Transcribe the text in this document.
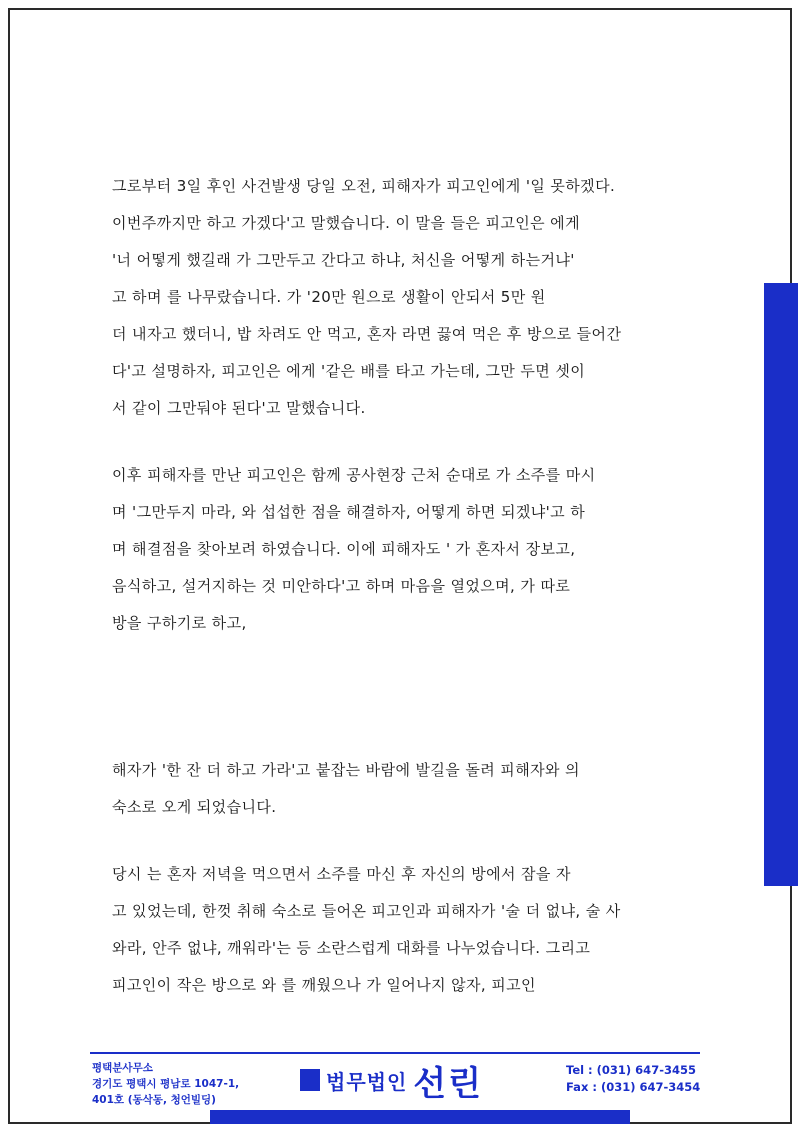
그로부터 3일 후인 사건발생 당일 오전, 피해자가 피고인에게 '일 못하겠다.
이번주까지만 하고 가겠다'고 말했습니다. 이 말을 들은 피고인은 에게
'너 어떻게 했길래 가 그만두고 간다고 하냐, 처신을 어떻게 하는거냐'
고 하며 를 나무랐습니다. 가 '20만 원으로 생활이 안되서 5만 원
더 내자고 했더니, 밥 차려도 안 먹고, 혼자 라면 끓여 먹은 후 방으로 들어간
다'고 설명하자, 피고인은 에게 '같은 배를 타고 가는데, 그만 두면 셋이
서 같이 그만둬야 된다'고 말했습니다.
이후 피해자를 만난 피고인은 함께 공사현장 근처 순대로 가 소주를 마시
며 '그만두지 마라, 와 섭섭한 점을 해결하자, 어떻게 하면 되겠냐'고 하
며 해결점을 찾아보려 하였습니다. 이에 피해자도 ' 가 혼자서 장보고,
음식하고, 설거지하는 것 미안하다'고 하며 마음을 열었으며, 가 따로
방을 구하기로 하고,
해자가 '한 잔 더 하고 가라'고 붙잡는 바람에 발길을 돌려 피해자와 의
숙소로 오게 되었습니다.
당시 는 혼자 저녁을 먹으면서 소주를 마신 후 자신의 방에서 잠을 자
고 있었는데, 한껏 취해 숙소로 들어온 피고인과 피해자가 '술 더 없냐, 술 사
와라, 안주 없냐, 깨워라'는 등 소란스럽게 대화를 나누었습니다. 그리고
피고인이 작은 방으로 와 를 깨웠으나 가 일어나지 않자, 피고인
평택분사무소
경기도 평택시 평남로 1047-1,
401호 (동삭동, 청언빌딩)
법무법인 선린	Tel : (031) 647-3455
Fax : (031) 647-3454
